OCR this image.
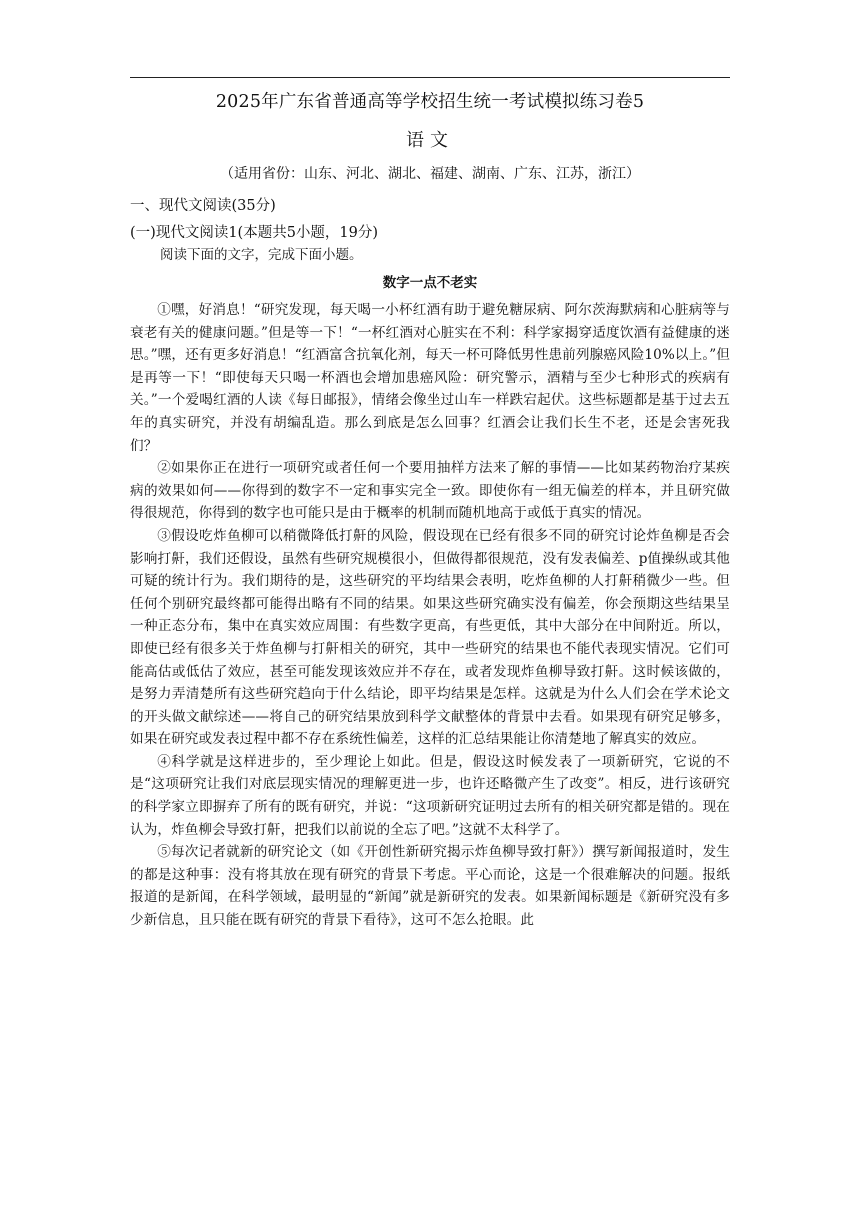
2025年广东省普通高等学校招生统一考试模拟练习卷5
语文
（适用省份：山东、河北、湖北、福建、湖南、广东、江苏，浙江）
一、现代文阅读(35分)
(一)现代文阅读1(本题共5小题，19分)
阅读下面的文字，完成下面小题。
数字一点不老实

①嘿，好消息！“研究发现，每天喝一小杯红酒有助于避免糖尿病、阿尔茨海默病和心脏病等与衰老有关的健康问题。”但是等一下！“一杯红酒对心脏实在不利：科学家揭穿适度饮酒有益健康的迷思。”嘿，还有更多好消息！“红酒富含抗氧化剂，每天一杯可降低男性患前列腺癌风险10%以上。”但是再等一下！“即使每天只喝一杯酒也会增加患癌风险：研究警示，酒精与至少七种形式的疾病有关。”一个爱喝红酒的人读《每日邮报》，情绪会像坐过山车一样跌宕起伏。这些标题都是基于过去五年的真实研究，并没有胡编乱造。那么到底是怎么回事？红酒会让我们长生不老，还是会害死我们？

②如果你正在进行一项研究或者任何一个要用抽样方法来了解的事情——比如某药物治疗某疾病的效果如何——你得到的数字不一定和事实完全一致。即使你有一组无偏差的样本，并且研究做得很规范，你得到的数字也可能只是由于概率的机制而随机地高于或低于真实的情况。

③假设吃炸鱼柳可以稍微降低打鼾的风险，假设现在已经有很多不同的研究讨论炸鱼柳是否会影响打鼾，我们还假设，虽然有些研究规模很小，但做得都很规范，没有发表偏差、p值操纵或其他可疑的统计行为。我们期待的是，这些研究的平均结果会表明，吃炸鱼柳的人打鼾稍微少一些。但任何个别研究最终都可能得出略有不同的结果。如果这些研究确实没有偏差，你会预期这些结果呈一种正态分布，集中在真实效应周围：有些数字更高，有些更低，其中大部分在中间附近。所以，即使已经有很多关于炸鱼柳与打鼾相关的研究，其中一些研究的结果也不能代表现实情况。它们可能高估或低估了效应，甚至可能发现该效应并不存在，或者发现炸鱼柳导致打鼾。这时候该做的，是努力弄清楚所有这些研究趋向于什么结论，即平均结果是怎样。这就是为什么人们会在学术论文的开头做文献综述——将自己的研究结果放到科学文献整体的背景中去看。如果现有研究足够多，如果在研究或发表过程中都不存在系统性偏差，这样的汇总结果能让你清楚地了解真实的效应。

④科学就是这样进步的，至少理论上如此。但是，假设这时候发表了一项新研究，它说的不是“这项研究让我们对底层现实情况的理解更进一步，也许还略微产生了改变”。相反，进行该研究的科学家立即摒弃了所有的既有研究，并说：“这项新研究证明过去所有的相关研究都是错的。现在认为，炸鱼柳会导致打鼾，把我们以前说的全忘了吧。”这就不太科学了。

⑤每次记者就新的研究论文（如《开创性新研究揭示炸鱼柳导致打鼾》）撰写新闻报道时，发生的都是这种事：没有将其放在现有研究的背景下考虑。平心而论，这是一个很难解决的问题。报纸报道的是新闻，在科学领域，最明显的“新闻”就是新研究的发表。如果新闻标题是《新研究没有多少新信息，且只能在既有研究的背景下看待》，这可不怎么抢眼。此
